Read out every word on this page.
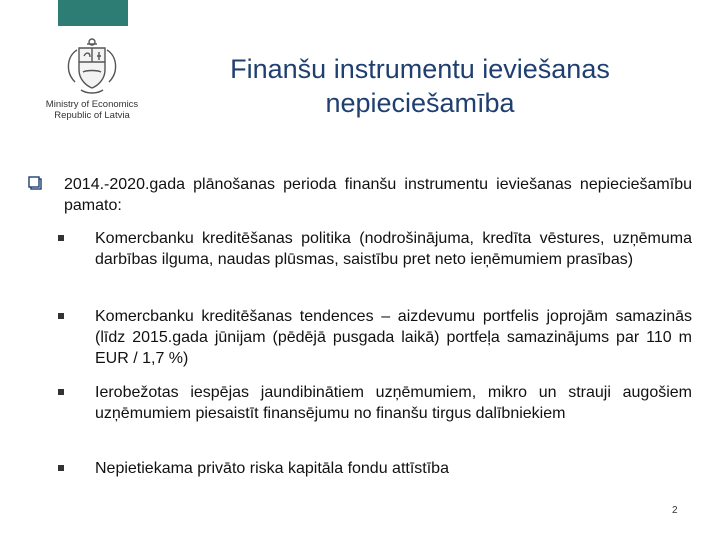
Ministry of Economics
Republic of Latvia
Finanšu instrumentu ieviešanas nepieciešamība
2014.-2020.gada plānošanas perioda finanšu instrumentu ieviešanas nepieciešamību pamato:
Komercbanku kreditēšanas politika (nodrošinājuma, kredīta vēstures, uzņēmuma darbības ilguma, naudas plūsmas, saistību pret neto ieņēmumiem prasības)
Komercbanku kreditēšanas tendences – aizdevumu portfelis joprojām samazinās (līdz 2015.gada jūnijam (pēdējā pusgada laikā) portfeļa samazinājums par 110 m EUR / 1,7 %)
Ierobežotas iespējas jaundibinātiem uzņēmumiem, mikro un strauji augošiem uzņēmumiem piesaistīt finansējumu no finanšu tirgus dalībniekiem
Nepietiekama privāto riska kapitāla fondu attīstība
2
